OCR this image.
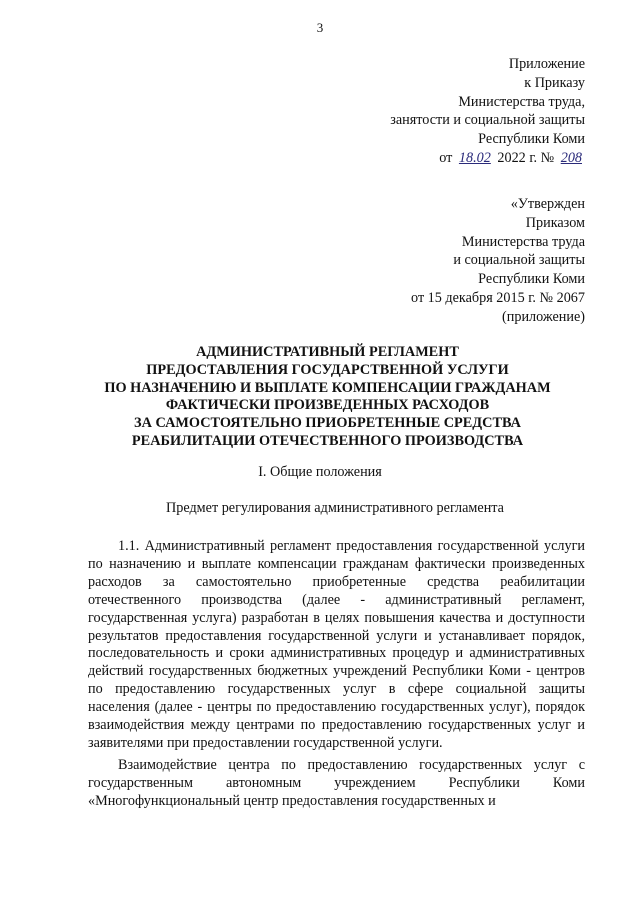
3
Приложение
к Приказу
Министерства труда,
занятости и социальной защиты
Республики Коми
от 18.02 2022 г. № 208
«Утвержден
Приказом
Министерства труда
и социальной защиты
Республики Коми
от 15 декабря 2015 г. № 2067
(приложение)
АДМИНИСТРАТИВНЫЙ РЕГЛАМЕНТ
ПРЕДОСТАВЛЕНИЯ ГОСУДАРСТВЕННОЙ УСЛУГИ
ПО НАЗНАЧЕНИЮ И ВЫПЛАТЕ КОМПЕНСАЦИИ ГРАЖДАНАМ
ФАКТИЧЕСКИ ПРОИЗВЕДЕННЫХ РАСХОДОВ
ЗА САМОСТОЯТЕЛЬНО ПРИОБРЕТЕННЫЕ СРЕДСТВА
РЕАБИЛИТАЦИИ ОТЕЧЕСТВЕННОГО ПРОИЗВОДСТВА
I. Общие положения
Предмет регулирования административного регламента

1.1. Административный регламент предоставления государственной услуги по назначению и выплате компенсации гражданам фактически произведенных расходов за самостоятельно приобретенные средства реабилитации отечественного производства (далее - административный регламент, государственная услуга) разработан в целях повышения качества и доступности результатов предоставления государственной услуги и устанавливает порядок, последовательность и сроки административных процедур и административных действий государственных бюджетных учреждений Республики Коми - центров по предоставлению государственных услуг в сфере социальной защиты населения (далее - центры по предоставлению государственных услуг), порядок взаимодействия между центрами по предоставлению государственных услуг и заявителями при предоставлении государственной услуги.

Взаимодействие центра по предоставлению государственных услуг с государственным автономным учреждением Республики Коми «Многофункциональный центр предоставления государственных и
